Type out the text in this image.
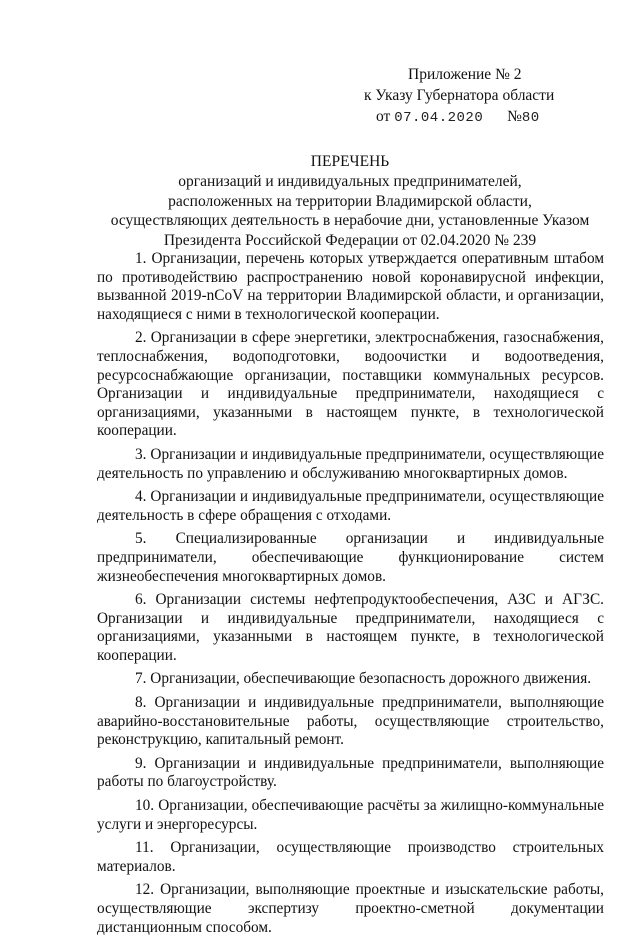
Приложение № 2
к Указу Губернатора области
от 07.04.2020 №80
ПЕРЕЧЕНЬ
организаций и индивидуальных предпринимателей,
расположенных на территории Владимирской области,
осуществляющих деятельность в нерабочие дни, установленные Указом
Президента Российской Федерации от 02.04.2020 № 239

1. Организации, перечень которых утверждается оперативным штабом по противодействию распространению новой коронавирусной инфекции, вызванной 2019-nCoV на территории Владимирской области, и организации, находящиеся с ними в технологической кооперации.

2. Организации в сфере энергетики, электроснабжения, газоснабжения, теплоснабжения, водоподготовки, водоочистки и водоотведения, ресурсоснабжающие организации, поставщики коммунальных ресурсов. Организации и индивидуальные предприниматели, находящиеся с организациями, указанными в настоящем пункте, в технологической кооперации.

3. Организации и индивидуальные предприниматели, осуществляющие деятельность по управлению и обслуживанию многоквартирных домов.

4. Организации и индивидуальные предприниматели, осуществляющие деятельность в сфере обращения с отходами.

5. Специализированные организации и индивидуальные предприниматели, обеспечивающие функционирование систем жизнеобеспечения многоквартирных домов.

6. Организации системы нефтепродуктообеспечения, АЗС и АГЗС. Организации и индивидуальные предприниматели, находящиеся с организациями, указанными в настоящем пункте, в технологической кооперации.

7. Организации, обеспечивающие безопасность дорожного движения.

8. Организации и индивидуальные предприниматели, выполняющие аварийно-восстановительные работы, осуществляющие строительство, реконструкцию, капитальный ремонт.

9. Организации и индивидуальные предприниматели, выполняющие работы по благоустройству.

10. Организации, обеспечивающие расчёты за жилищно-коммунальные услуги и энергоресурсы.

11. Организации, осуществляющие производство строительных материалов.

12. Организации, выполняющие проектные и изыскательские работы, осуществляющие экспертизу проектно-сметной документации дистанционным способом.
